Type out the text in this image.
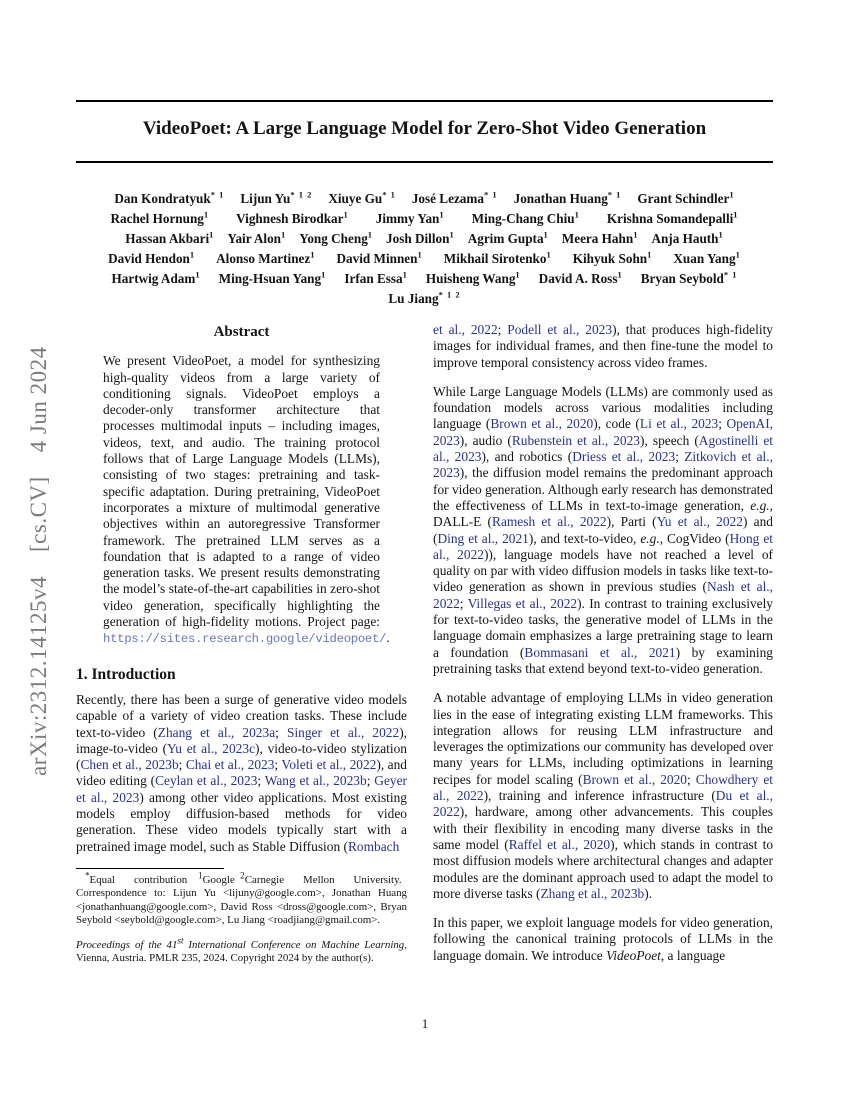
arXiv:2312.14125v4  [cs.CV]  4 Jun 2024
VideoPoet: A Large Language Model for Zero-Shot Video Generation
Dan Kondratyuk$^{* 1}$ Lijun $Yu^{* 1 2}$ Xiuye Gu$^{* 1}$ José Lezama$^{* 1}$ Jonathan Huang$^{* 1}$ Grant Schindler$^1$
Rachel Hornung$^1$ Vighnesh Birodkar$^1$ Jimmy Yan$^1$ Ming-Chang Chiu$^1$ Krishna Somandepalli$^1$
Hassan Akbari$^1$ Yair Alon$^1$ Yong Cheng$^1$ Josh Dillon$^1$ Agrim Gupta$^1$ Meera Hahn$^1$ Anja Hauth$^1$
David Hendon$^1$ Alonso Martinez$^1$ David Minnen$^1$ Mikhail Sirotenko$^1$ Kihyuk Sohn$^1$ Xuan Yang$^1$
Hartwig Adam$^1$ Ming-Hsuan Yang$^1$ Irfan Essa$^1$ Huisheng Wang$^1$ David A. Ross$^1$ Bryan Seybold$^{* 1}$
Lu Jiang$^{* 1 2}$
Abstract
We present VideoPoet, a model for synthesizing high-quality videos from a large variety of conditioning signals. VideoPoet employs a decoder-only transformer architecture that processes multimodal inputs – including images, videos, text, and audio. The training protocol follows that of Large Language Models (LLMs), consisting of two stages: pretraining and task-specific adaptation. During pretraining, VideoPoet incorporates a mixture of multimodal generative objectives within an autoregressive Transformer framework. The pretrained LLM serves as a foundation that is adapted to a range of video generation tasks. We present results demonstrating the model’s state-of-the-art capabilities in zero-shot video generation, specifically highlighting the generation of high-fidelity motions. Project page: https://sites.research.google/videopoet/.
1. Introduction
Recently, there has been a surge of generative video models capable of a variety of video creation tasks. These include text-to-video (Zhang et al., 2023a; Singer et al., 2022), image-to-video (Yu et al., 2023c), video-to-video stylization (Chen et al., 2023b; Chai et al., 2023; Voleti et al., 2022), and video editing (Ceylan et al., 2023; Wang et al., 2023b; Geyer et al., 2023) among other video applications. Most existing models employ diffusion-based methods for video generation. These video models typically start with a pretrained image model, such as Stable Diffusion (Rombach
*Equal contribution  $^1$Google $^2$Carnegie Mellon University. Correspondence to: Lijun Yu <lijuny@google.com>, Jonathan Huang <jonathanhuang@google.com>, David Ross <dross@google.com>, Bryan Seybold <seybold@google.com>, Lu Jiang <roadjiang@gmail.com>.
Proceedings of the 41st International Conference on Machine Learning, Vienna, Austria. PMLR 235, 2024. Copyright 2024 by the author(s).
et al., 2022; Podell et al., 2023), that produces high-fidelity images for individual frames, and then fine-tune the model to improve temporal consistency across video frames.
While Large Language Models (LLMs) are commonly used as foundation models across various modalities including language (Brown et al., 2020), code (Li et al., 2023; OpenAI, 2023), audio (Rubenstein et al., 2023), speech (Agostinelli et al., 2023), and robotics (Driess et al., 2023; Zitkovich et al., 2023), the diffusion model remains the predominant approach for video generation. Although early research has demonstrated the effectiveness of LLMs in text-to-image generation, e.g., DALL-E (Ramesh et al., 2022), Parti (Yu et al., 2022) and (Ding et al., 2021), and text-to-video, e.g., CogVideo (Hong et al., 2022)), language models have not reached a level of quality on par with video diffusion models in tasks like text-to-video generation as shown in previous studies (Nash et al., 2022; Villegas et al., 2022). In contrast to training exclusively for text-to-video tasks, the generative model of LLMs in the language domain emphasizes a large pretraining stage to learn a foundation (Bommasani et al., 2021) by examining pretraining tasks that extend beyond text-to-video generation.
A notable advantage of employing LLMs in video generation lies in the ease of integrating existing LLM frameworks. This integration allows for reusing LLM infrastructure and leverages the optimizations our community has developed over many years for LLMs, including optimizations in learning recipes for model scaling (Brown et al., 2020; Chowdhery et al., 2022), training and inference infrastructure (Du et al., 2022), hardware, among other advancements. This couples with their flexibility in encoding many diverse tasks in the same model (Raffel et al., 2020), which stands in contrast to most diffusion models where architectural changes and adapter modules are the dominant approach used to adapt the model to more diverse tasks (Zhang et al., 2023b).
In this paper, we exploit language models for video generation, following the canonical training protocols of LLMs in the language domain. We introduce VideoPoet, a language
1
